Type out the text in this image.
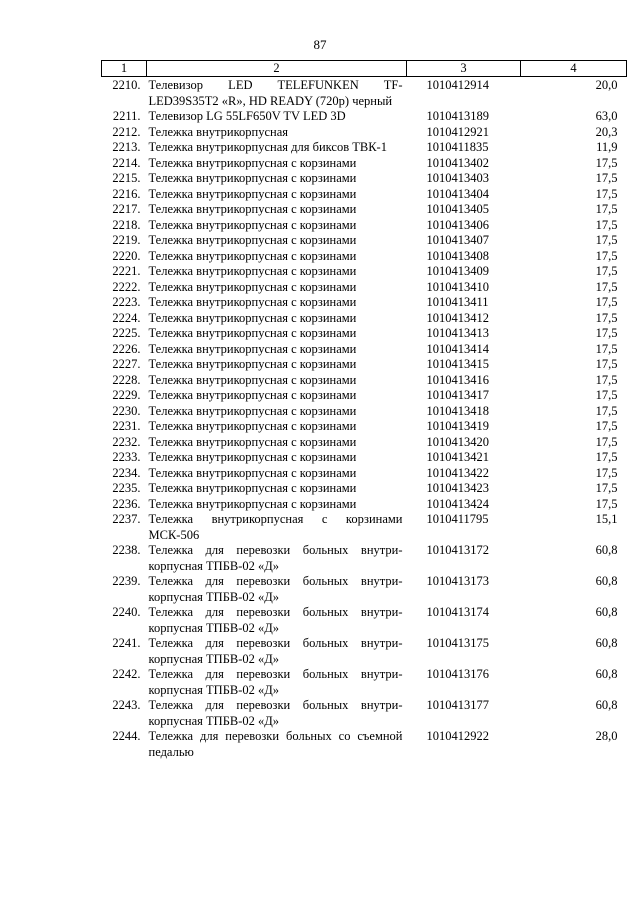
87
1	2	3	4
2210.	Телевизор LED TELEFUNKEN TF-LED39S35T2 «R», HD READY (720p) черный	1010412914	20,0
2211.	Телевизор LG 55LF650V TV LED 3D	1010413189	63,0
2212.	Тележка внутрикорпусная	1010412921	20,3
2213.	Тележка внутрикорпусная для биксов ТВК-1	1010411835	11,9
2214.	Тележка внутрикорпусная с корзинами	1010413402	17,5
2215.	Тележка внутрикорпусная с корзинами	1010413403	17,5
2216.	Тележка внутрикорпусная с корзинами	1010413404	17,5
2217.	Тележка внутрикорпусная с корзинами	1010413405	17,5
2218.	Тележка внутрикорпусная с корзинами	1010413406	17,5
2219.	Тележка внутрикорпусная с корзинами	1010413407	17,5
2220.	Тележка внутрикорпусная с корзинами	1010413408	17,5
2221.	Тележка внутрикорпусная с корзинами	1010413409	17,5
2222.	Тележка внутрикорпусная с корзинами	1010413410	17,5
2223.	Тележка внутрикорпусная с корзинами	1010413411	17,5
2224.	Тележка внутрикорпусная с корзинами	1010413412	17,5
2225.	Тележка внутрикорпусная с корзинами	1010413413	17,5
2226.	Тележка внутрикорпусная с корзинами	1010413414	17,5
2227.	Тележка внутрикорпусная с корзинами	1010413415	17,5
2228.	Тележка внутрикорпусная с корзинами	1010413416	17,5
2229.	Тележка внутрикорпусная с корзинами	1010413417	17,5
2230.	Тележка внутрикорпусная с корзинами	1010413418	17,5
2231.	Тележка внутрикорпусная с корзинами	1010413419	17,5
2232.	Тележка внутрикорпусная с корзинами	1010413420	17,5
2233.	Тележка внутрикорпусная с корзинами	1010413421	17,5
2234.	Тележка внутрикорпусная с корзинами	1010413422	17,5
2235.	Тележка внутрикорпусная с корзинами	1010413423	17,5
2236.	Тележка внутрикорпусная с корзинами	1010413424	17,5
2237.	Тележка внутрикорпусная с корзинами МСК-506	1010411795	15,1
2238.	Тележка для перевозки больных внутри-корпусная ТПБВ-02 «Д»	1010413172	60,8
2239.	Тележка для перевозки больных внутри-корпусная ТПБВ-02 «Д»	1010413173	60,8
2240.	Тележка для перевозки больных внутри-корпусная ТПБВ-02 «Д»	1010413174	60,8
2241.	Тележка для перевозки больных внутри-корпусная ТПБВ-02 «Д»	1010413175	60,8
2242.	Тележка для перевозки больных внутри-корпусная ТПБВ-02 «Д»	1010413176	60,8
2243.	Тележка для перевозки больных внутри-корпусная ТПБВ-02 «Д»	1010413177	60,8
2244.	Тележка для перевозки больных со съемной педалью	1010412922	28,0
